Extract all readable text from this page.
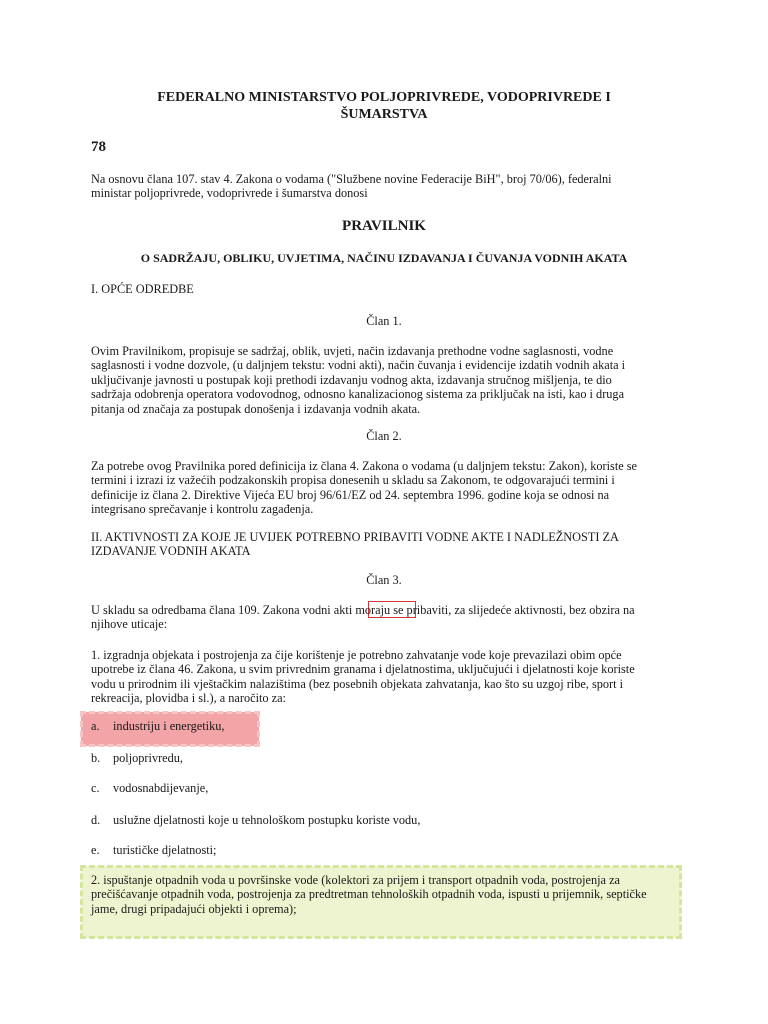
FEDERALNO MINISTARSTVO POLJOPRIVREDE, VODOPRIVREDE I
ŠUMARSTVA
78
Na osnovu člana 107. stav 4. Zakona o vodama ("Službene novine Federacije BiH", broj 70/06), federalni
ministar poljoprivrede, vodoprivrede i šumarstva donosi
PRAVILNIK
O SADRŽAJU, OBLIKU, UVJETIMA, NAČINU IZDAVANJA I ČUVANJA VODNIH AKATA
I. OPĆE ODREDBE
Član 1.
Ovim Pravilnikom, propisuje se sadržaj, oblik, uvjeti, način izdavanja prethodne vodne saglasnosti, vodne
saglasnosti i vodne dozvole, (u daljnjem tekstu: vodni akti), način čuvanja i evidencije izdatih vodnih akata i
uključivanje javnosti u postupak koji prethodi izdavanju vodnog akta, izdavanja stručnog mišljenja, te dio
sadržaja odobrenja operatora vodovodnog, odnosno kanalizacionog sistema za priključak na isti, kao i druga
pitanja od značaja za postupak donošenja i izdavanja vodnih akata.
Član 2.
Za potrebe ovog Pravilnika pored definicija iz člana 4. Zakona o vodama (u daljnjem tekstu: Zakon), koriste se
termini i izrazi iz važećih podzakonskih propisa donesenih u skladu sa Zakonom, te odgovarajući termini i
definicije iz člana 2. Direktive Vijeća EU broj 96/61/EZ od 24. septembra 1996. godine koja se odnosi na
integrisano sprečavanje i kontrolu zagađenja.
II. AKTIVNOSTI ZA KOJE JE UVIJEK POTREBNO PRIBAVITI VODNE AKTE I NADLEŽNOSTI ZA
IZDAVANJE VODNIH AKATA
Član 3.
U skladu sa odredbama člana 109. Zakona vodni akti moraju se pribaviti, za slijedeće aktivnosti, bez obzira na
njihove uticaje:
1. izgradnja objekata i postrojenja za čije korištenje je potrebno zahvatanje vode koje prevazilazi obim opće
upotrebe iz člana 46. Zakona, u svim privrednim granama i djelatnostima, uključujući i djelatnosti koje koriste
vodu u prirodnim ili vještačkim nalazištima (bez posebnih objekata zahvatanja, kao što su uzgoj ribe, sport i
rekreacija, plovidba i sl.), a naročito za:
a. industriju i energetiku,
b. poljoprivredu,
c. vodosnabdijevanje,
d. uslužne djelatnosti koje u tehnološkom postupku koriste vodu,
e. turističke djelatnosti;
2. ispuštanje otpadnih voda u površinske vode (kolektori za prijem i transport otpadnih voda, postrojenja za
prečišćavanje otpadnih voda, postrojenja za predtretman tehnoloških otpadnih voda, ispusti u prijemnik, septičke
jame, drugi pripadajući objekti i oprema);
